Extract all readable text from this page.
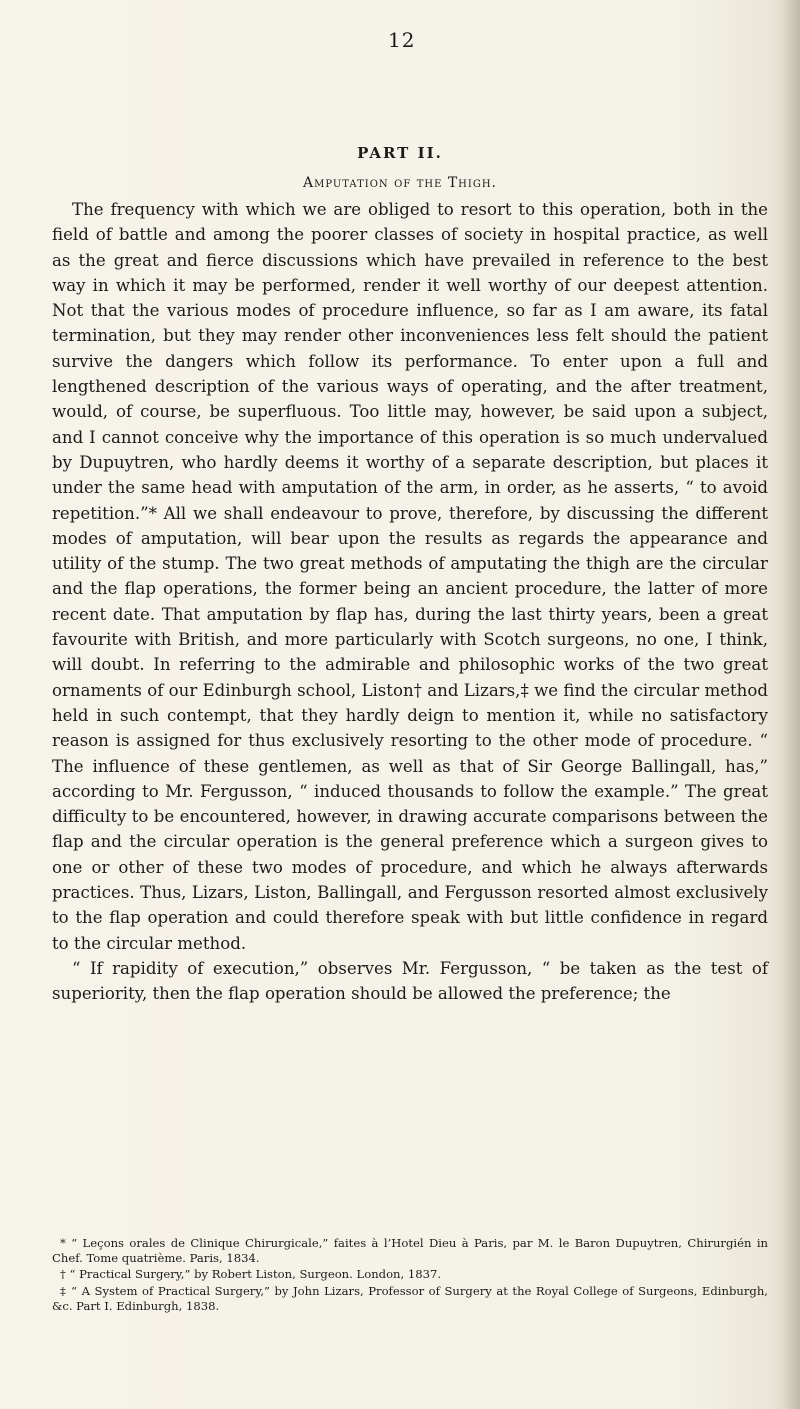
12
PART II.
Amputation of the Thigh.

The frequency with which we are obliged to resort to this operation, both in the field of battle and among the poorer classes of society in hospital practice, as well as the great and fierce discussions which have prevailed in reference to the best way in which it may be performed, render it well worthy of our deepest attention. Not that the various modes of procedure influence, so far as I am aware, its fatal termination, but they may render other inconveniences less felt should the patient survive the dangers which follow its performance. To enter upon a full and lengthened description of the various ways of operating, and the after treatment, would, of course, be superfluous. Too little may, however, be said upon a subject, and I cannot conceive why the importance of this operation is so much undervalued by Dupuytren, who hardly deems it worthy of a separate description, but places it under the same head with amputation of the arm, in order, as he asserts, “ to avoid repetition.”* All we shall endeavour to prove, therefore, by discussing the different modes of amputation, will bear upon the results as regards the appearance and utility of the stump. The two great methods of amputating the thigh are the circular and the flap operations, the former being an ancient procedure, the latter of more recent date. That amputation by flap has, during the last thirty years, been a great favourite with British, and more particularly with Scotch surgeons, no one, I think, will doubt. In referring to the admirable and philosophic works of the two great ornaments of our Edinburgh school, Liston† and Lizars,‡ we find the circular method held in such contempt, that they hardly deign to mention it, while no satisfactory reason is assigned for thus exclusively resorting to the other mode of procedure. “ The influence of these gentlemen, as well as that of Sir George Ballingall, has,” according to Mr. Fergusson, “ induced thousands to follow the example.” The great difficulty to be encountered, however, in drawing accurate comparisons between the flap and the circular operation is the general preference which a surgeon gives to one or other of these two modes of procedure, and which he always afterwards practices. Thus, Lizars, Liston, Ballingall, and Fergusson resorted almost exclusively to the flap operation and could therefore speak with but little confidence in regard to the circular method.

“ If rapidity of execution,” observes Mr. Fergusson, “ be taken as the test of superiority, then the flap operation should be allowed the preference; the

* “ Leçons orales de Clinique Chirurgicale,” faites à l’Hotel Dieu à Paris, par M. le Baron Dupuytren, Chirurgién in Chef. Tome quatrième. Paris, 1834.

† “ Practical Surgery,” by Robert Liston, Surgeon. London, 1837.

‡ “ A System of Practical Surgery,” by John Lizars, Professor of Surgery at the Royal College of Surgeons, Edinburgh, &c. Part I. Edinburgh, 1838.
